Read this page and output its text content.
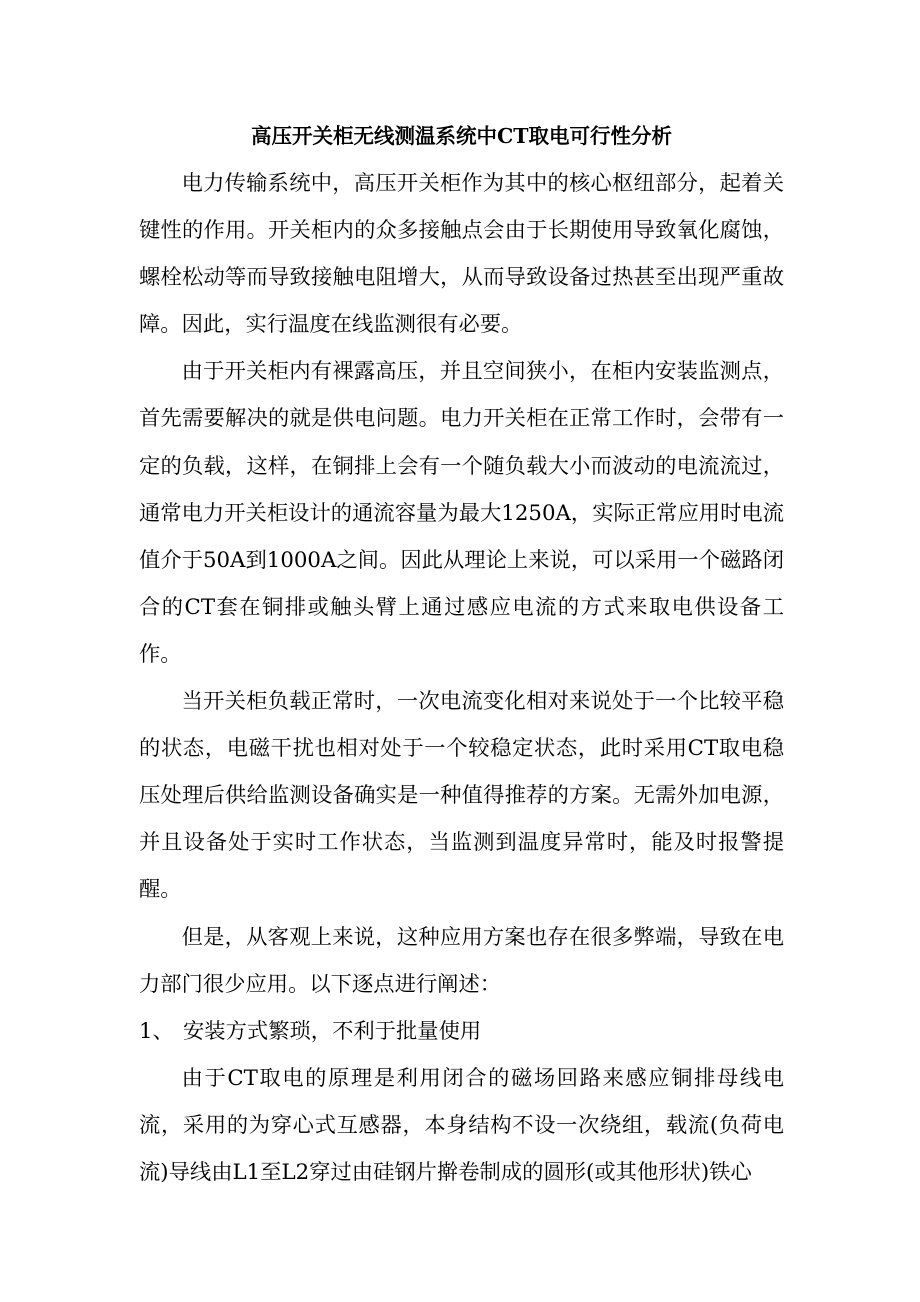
高压开关柜无线测温系统中CT取电可行性分析

电力传输系统中，高压开关柜作为其中的核心枢纽部分，起着关键性的作用。开关柜内的众多接触点会由于长期使用导致氧化腐蚀，螺栓松动等而导致接触电阻增大，从而导致设备过热甚至出现严重故障。因此，实行温度在线监测很有必要。

由于开关柜内有裸露高压，并且空间狭小，在柜内安装监测点，首先需要解决的就是供电问题。电力开关柜在正常工作时，会带有一定的负载，这样，在铜排上会有一个随负载大小而波动的电流流过，通常电力开关柜设计的通流容量为最大1250A，实际正常应用时电流值介于50A到1000A之间。因此从理论上来说，可以采用一个磁路闭合的CT套在铜排或触头臂上通过感应电流的方式来取电供设备工作。

当开关柜负载正常时，一次电流变化相对来说处于一个比较平稳的状态，电磁干扰也相对处于一个较稳定状态，此时采用CT取电稳压处理后供给监测设备确实是一种值得推荐的方案。无需外加电源，并且设备处于实时工作状态，当监测到温度异常时，能及时报警提醒。

但是，从客观上来说，这种应用方案也存在很多弊端，导致在电力部门很少应用。以下逐点进行阐述：

1、 安装方式繁琐，不利于批量使用

由于CT取电的原理是利用闭合的磁场回路来感应铜排母线电流，采用的为穿心式互感器，本身结构不设一次绕组，载流(负荷电流)导线由L1至L2穿过由硅钢片擀卷制成的圆形(或其他形状)铁心
